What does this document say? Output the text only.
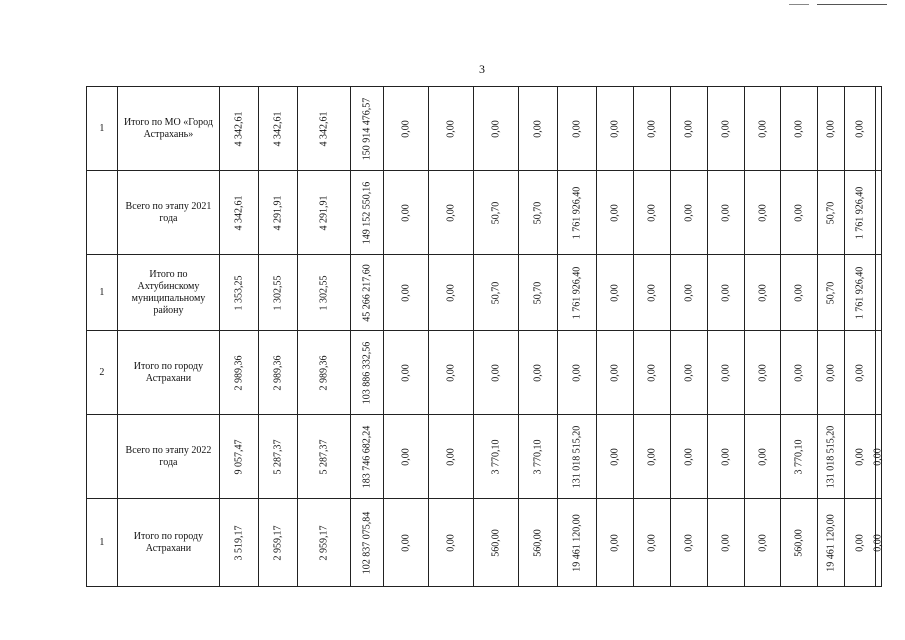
3
1	Итого по МО «Город Астрахань»	4 342,61	4 342,61	4 342,61	150 914 476,57	0,00	0,00	0,00	0,00	0,00	0,00	0,00	0,00	0,00	0,00	0,00	0,00	0,00	

	Всего по этапу 2021 года	4 342,61	4 291,91	4 291,91	149 152 550,16	0,00	0,00	50,70	50,70	1 761 926,40	0,00	0,00	0,00	0,00	0,00	0,00	50,70	1 761 926,40	

1	Итого по Ахтубинскому муниципальному району	1 353,25	1 302,55	1 302,55	45 266 217,60	0,00	0,00	50,70	50,70	1 761 926,40	0,00	0,00	0,00	0,00	0,00	0,00	50,70	1 761 926,40	

2	Итого по городу Астрахани	2 989,36	2 989,36	2 989,36	103 886 332,56	0,00	0,00	0,00	0,00	0,00	0,00	0,00	0,00	0,00	0,00	0,00	0,00	0,00	

	Всего по этапу 2022 года	9 057,47	5 287,37	5 287,37	183 746 682,24	0,00	0,00	3 770,10	3 770,10	131 018 515,20	0,00	0,00	0,00	0,00	0,00	3 770,10	131 018 515,20	0,00	0,00

1	Итого по городу Астрахани	3 519,17	2 959,17	2 959,17	102 837 075,84	0,00	0,00	560,00	560,00	19 461 120,00	0,00	0,00	0,00	0,00	0,00	560,00	19 461 120,00	0,00	0,00
